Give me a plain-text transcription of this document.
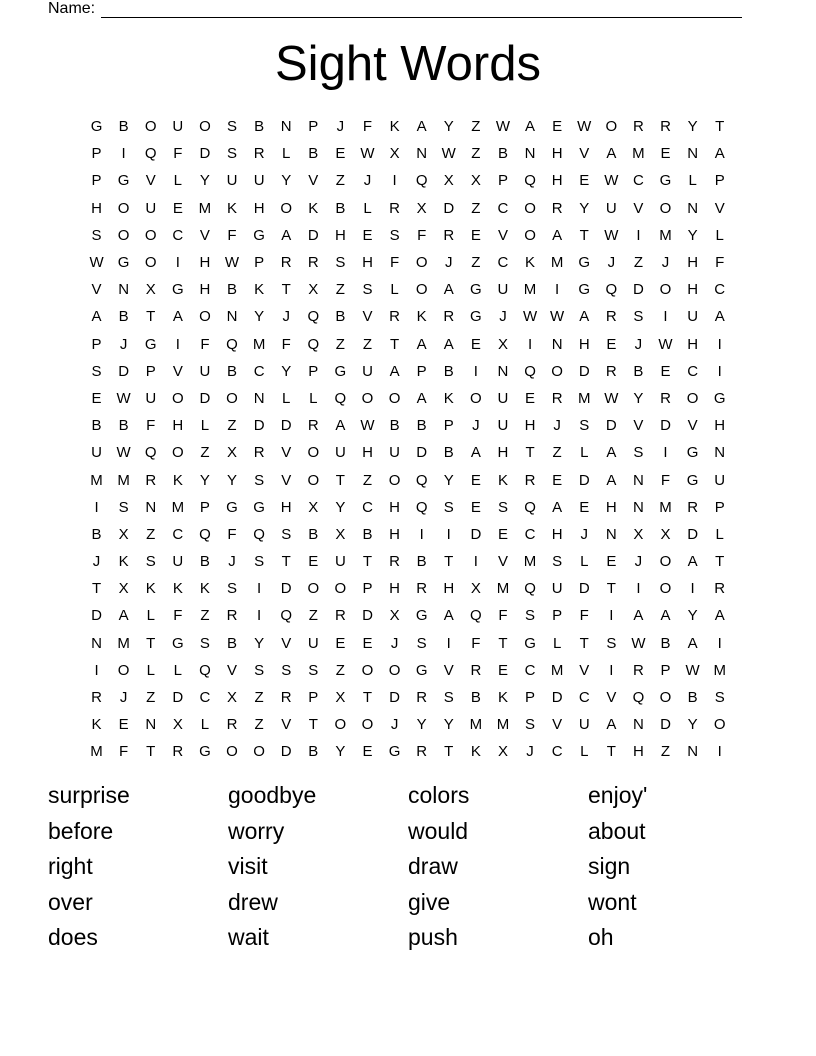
Name:
Sight Words
G	B	O	U	O	S	B	N	P	J	F	K	A	Y	Z	W	A	E	W O	R	R	Y	T
P	I	Q	F	D	S	R	L	B	E	W	X	N W	Z	B	N	H	V	A	M	E	N	A
P	G	V	L	Y	U	U	Y	V	Z	J	I	Q	X	X	P	Q	H	E	W C	G	L	P
H	O	U	E	M	K	H	O	K	B	L	R	X	D	Z	C	O	R	Y	U	V	O	N	V
S	O	O	C	V	F	G	A	D	H	E	S	F	R	E	V	O	A	T	W	I	M	Y	L
W G	O	I	H W	P	R	R	S	H	F	O	J	Z	C	K	M	G	J	Z	J	H	F
V	N	X	G	H	B	K	T	X	Z	S	L	O	A	G	U	M	I	G	Q	D	O	H	C
A	B	T	A	O	N	Y	J	Q	B	V	R	K	R	G	J	W W	A	R	S	I	U	A
P	J	G	I	F	Q	M	F	Q	Z	Z	T	A	A	E	X	I	N	H	E	J	W H	I
S	D	P	V	U	B	C	Y	P	G	U	A	P	B	I	N	Q	O	D	R	B	E	C	I
E	W U	O	D	O	N	L	L	Q	O	O	A	K	O	U	E	R	M W	Y	R	O	G
B	B	F	H	L	Z	D	D	R	A	W	B	B	P	J	U	H	J	S	D	V	D	V	H
U W Q	O	Z	X	R	V	O	U	H	U	D	B	A	H	T	Z	L	A	S	I	G	N
M M	R	K	Y	Y	S	V	O	T	Z	O	Q	Y	E	K	R	E	D	A	N	F	G	U
I	S	N	M	P	G	G	H	X	Y	C	H	Q	S	E	S	Q	A	E	H	N	M	R	P
B	X	Z	C	Q	F	Q	S	B	X	B	H	I	I	D	E	C	H	J	N	X	X	D	L
J	K	S	U	B	J	S	T	E	U	T	R	B	T	I	V	M	S	L	E	J	O	A	T
T	X	K	K	K	S	I	D	O	O	P	H	R	H	X	M	Q	U	D	T	I	O	I	R
D	A	L	F	Z	R	I	Q	Z	R	D	X	G	A	Q	F	S	P	F	I	A	A	Y	A
N	M	T	G	S	B	Y	V	U	E	E	J	S	I	F	T	G	L	T	S	W	B	A	I
I	O	L	L	Q	V	S	S	S	Z	O	O	G	V	R	E	C	M	V	I	R	P	W M
R	J	Z	D	C	X	Z	R	P	X	T	D	R	S	B	K	P	D	C	V	Q	O	B	S
K	E	N	X	L	R	Z	V	T	O	O	J	Y	Y	M M	S	V	U	A	N	D	Y	O
M	F	T	R	G	O	O	D	B	Y	E	G	R	T	K	X	J	C	L	T	H	Z	N	I
surprise	goodbye	colors	enjoy'
before	worry	would	about
right	visit	draw	sign
over	drew	give	wont
does	wait	push	oh
